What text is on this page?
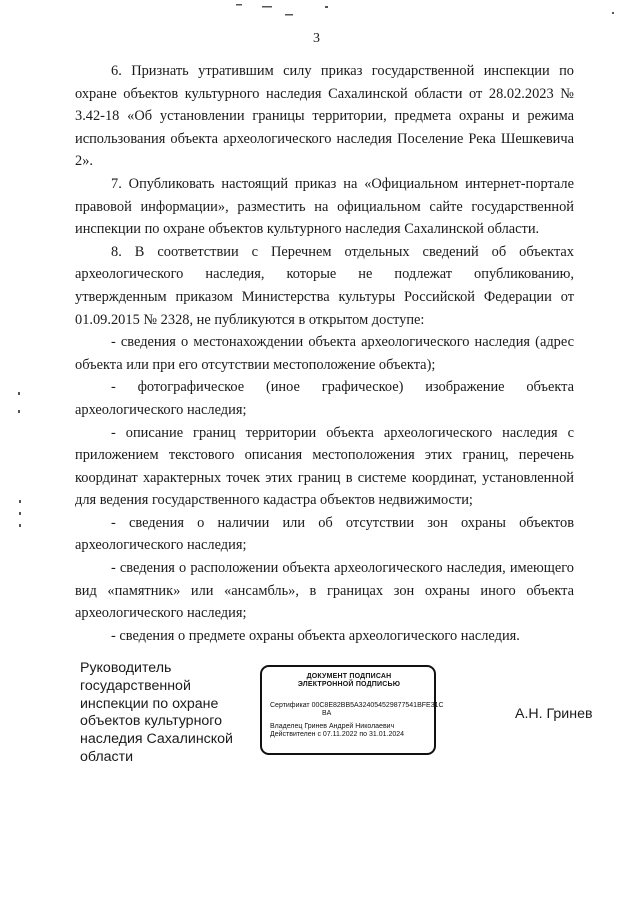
3

6. Признать утратившим силу приказ государственной инспекции по охране объектов культурного наследия Сахалинской области от 28.02.2023 № 3.42-18 «Об установлении границы территории, предмета охраны и режима использования объекта археологического наследия Поселение Река Шешкевича 2».

7. Опубликовать настоящий приказ на «Официальном интернет-портале правовой информации», разместить на официальном сайте государственной инспекции по охране объектов культурного наследия Сахалинской области.

8. В соответствии с Перечнем отдельных сведений об объектах археологического наследия, которые не подлежат опубликованию, утвержденным приказом Министерства культуры Российской Федерации от 01.09.2015 № 2328, не публикуются в открытом доступе:

- сведения о местонахождении объекта археологического наследия (адрес объекта или при его отсутствии местоположение объекта);

- фотографическое (иное графическое) изображение объекта археологического наследия;

- описание границ территории объекта археологического наследия с приложением текстового описания местоположения этих границ, перечень координат характерных точек этих границ в системе координат, установленной для ведения государственного кадастра объектов недвижимости;

- сведения о наличии или об отсутствии зон охраны объектов археологического наследия;

- сведения о расположении объекта археологического наследия, имеющего вид «памятник» или «ансамбль», в границах зон охраны иного объекта археологического наследия;

- сведения о предмете охраны объекта археологического наследия.

Руководитель государственной инспекции по охране объектов культурного наследия Сахалинской области
ДОКУМЕНТ ПОДПИСАН
ЭЛЕКТРОННОЙ ПОДПИСЬЮ
Сертификат 00C8E82BB5A324054529877541BFE31C
BA
Владелец Гринев Андрей Николаевич
Действителен с 07.11.2022 по 31.01.2024
А.Н. Гринев
